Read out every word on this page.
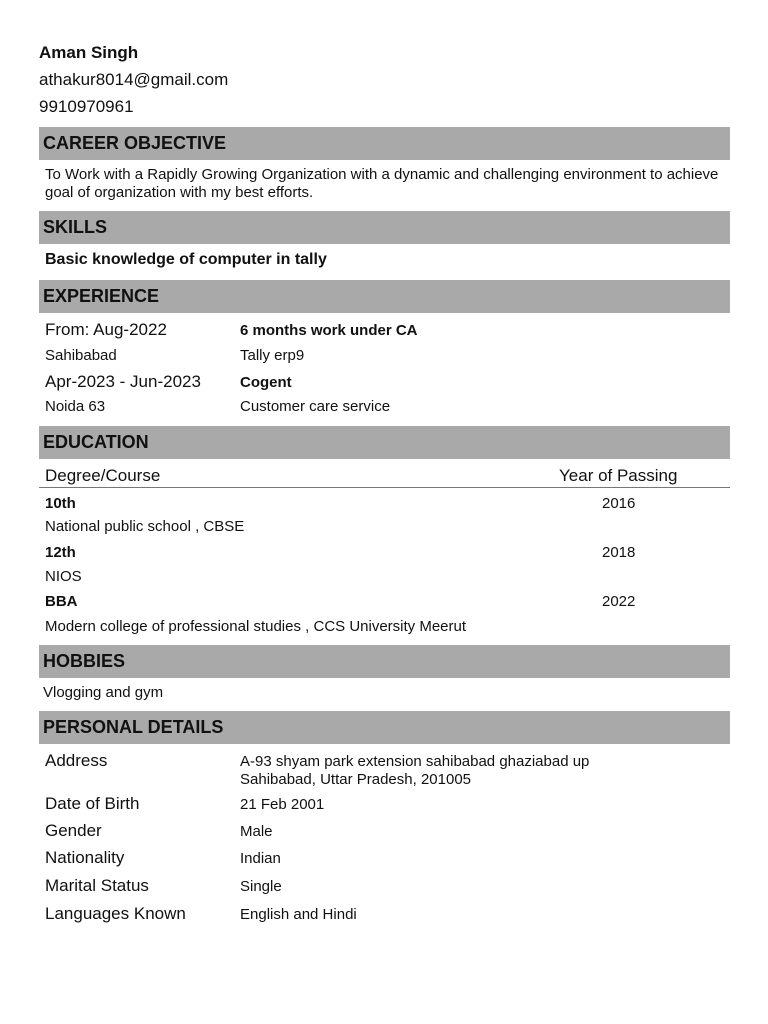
Aman Singh
athakur8014@gmail.com
9910970961
CAREER OBJECTIVE
To Work with a Rapidly Growing Organization with a dynamic and challenging environment to achieve goal of organization with my best efforts.
SKILLS
Basic knowledge of computer in tally
EXPERIENCE
From: Aug-2022	6 months work under CA
Sahibabad	Tally erp9
Apr-2023 - Jun-2023	Cogent
Noida 63	Customer care service
EDUCATION
Degree/Course	Year of Passing
10th	2016
National public school , CBSE
12th	2018
NIOS
BBA	2022
Modern college of professional studies , CCS University Meerut
HOBBIES
Vlogging and gym
PERSONAL DETAILS
Address	A-93 shyam park extension sahibabad ghaziabad up
Sahibabad, Uttar Pradesh, 201005
Date of Birth	21 Feb 2001
Gender	Male
Nationality	Indian
Marital Status	Single
Languages Known	English and Hindi
